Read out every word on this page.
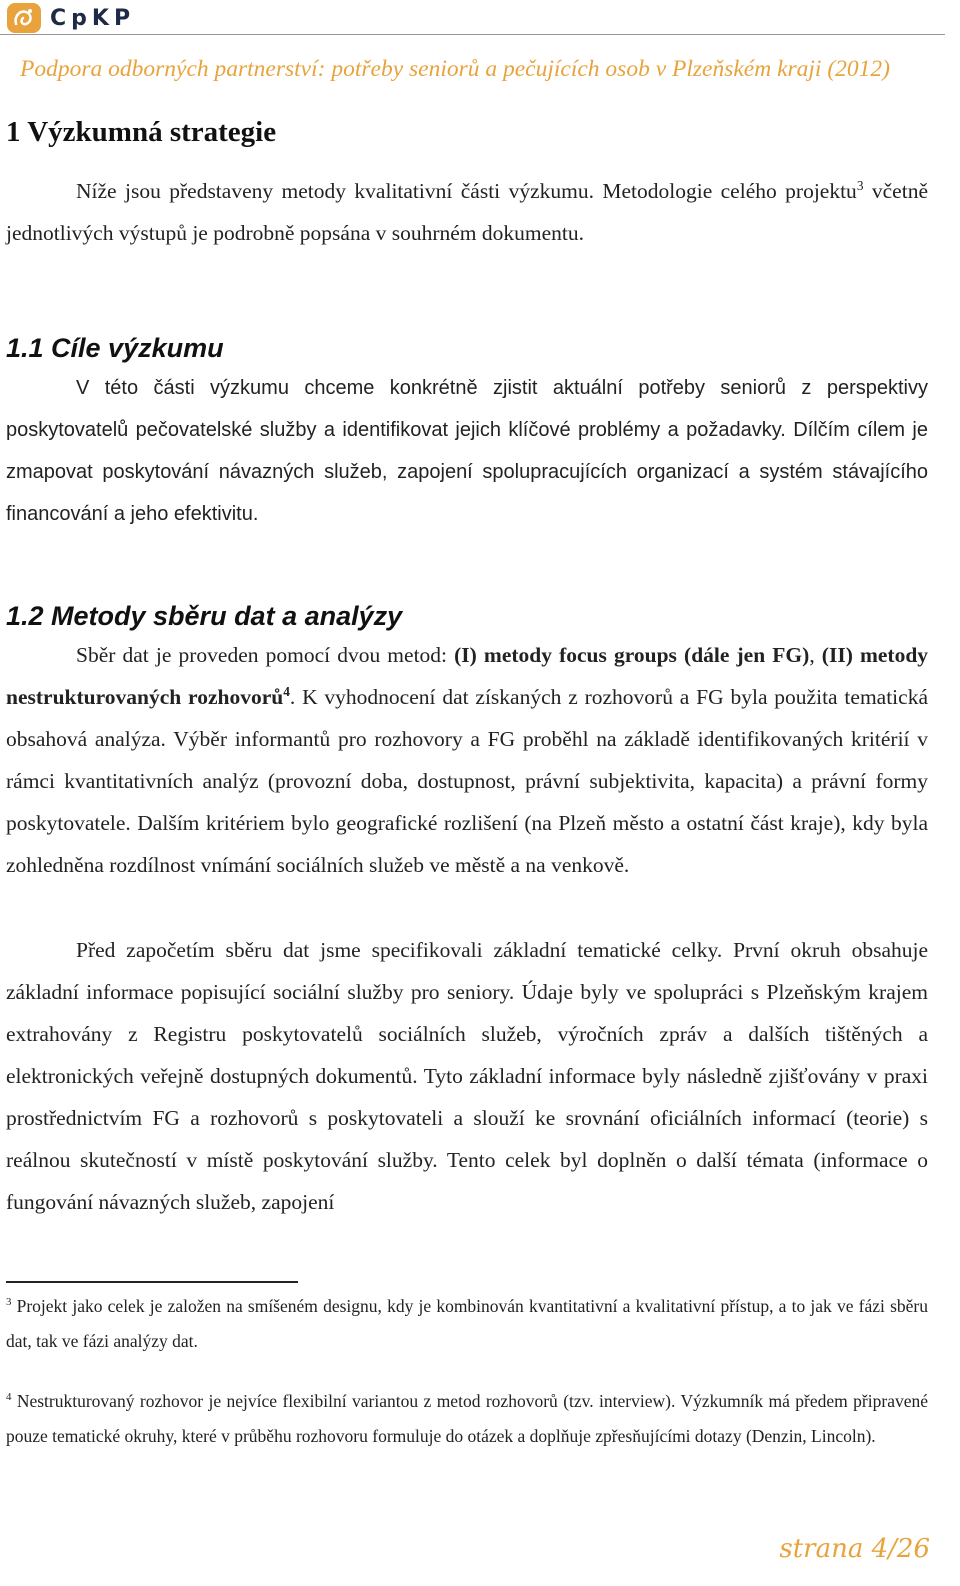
CpKP
Podpora odborných partnerství: potřeby seniorů a pečujících osob v Plzeňském kraji (2012)
1 Výzkumná strategie

Níže jsou představeny metody kvalitativní části výzkumu. Metodologie celého projektu$^3$ včetně jednotlivých výstupů je podrobně popsána v souhrném dokumentu.

1.1 Cíle výzkumu

V této části výzkumu chceme konkrétně zjistit aktuální potřeby seniorů z perspektivy poskytovatelů pečovatelské služby a identifikovat jejich klíčové problémy a požadavky. Dílčím cílem je zmapovat poskytování návazných služeb, zapojení spolupracujících organizací a systém stávajícího financování a jeho efektivitu.

1.2 Metody sběru dat a analýzy

Sběr dat je proveden pomocí dvou metod: (I) metody focus groups (dále jen FG), (II) metody nestrukturovaných rozhovorů$^4$. K vyhodnocení dat získaných z rozhovorů a FG byla použita tematická obsahová analýza. Výběr informantů pro rozhovory a FG proběhl na základě identifikovaných kritérií v rámci kvantitativních analýz (provozní doba, dostupnost, právní subjektivita, kapacita) a právní formy poskytovatele. Dalším kritériem bylo geografické rozlišení (na Plzeň město a ostatní část kraje), kdy byla zohledněna rozdílnost vnímání sociálních služeb ve městě a na venkově.

Před započetím sběru dat jsme specifikovali základní tematické celky. První okruh obsahuje základní informace popisující sociální služby pro seniory. Údaje byly ve spolupráci s Plzeňským krajem extrahovány z Registru poskytovatelů sociálních služeb, výročních zpráv a dalších tištěných a elektronických veřejně dostupných dokumentů. Tyto základní informace byly následně zjišťovány v praxi prostřednictvím FG a rozhovorů s poskytovateli a slouží ke srovnání oficiálních informací (teorie) s reálnou skutečností v místě poskytování služby. Tento celek byl doplněn o další témata (informace o fungování návazných služeb, zapojení

$^3$ Projekt jako celek je založen na smíšeném designu, kdy je kombinován kvantitativní a kvalitativní přístup, a to jak ve fázi sběru dat, tak ve fázi analýzy dat.

$^4$ Nestrukturovaný rozhovor je nejvíce flexibilní variantou z metod rozhovorů (tzv. interview). Výzkumník má předem připravené pouze tematické okruhy, které v průběhu rozhovoru formuluje do otázek a doplňuje zpřesňujícími dotazy (Denzin, Lincoln).

strana 4/26
